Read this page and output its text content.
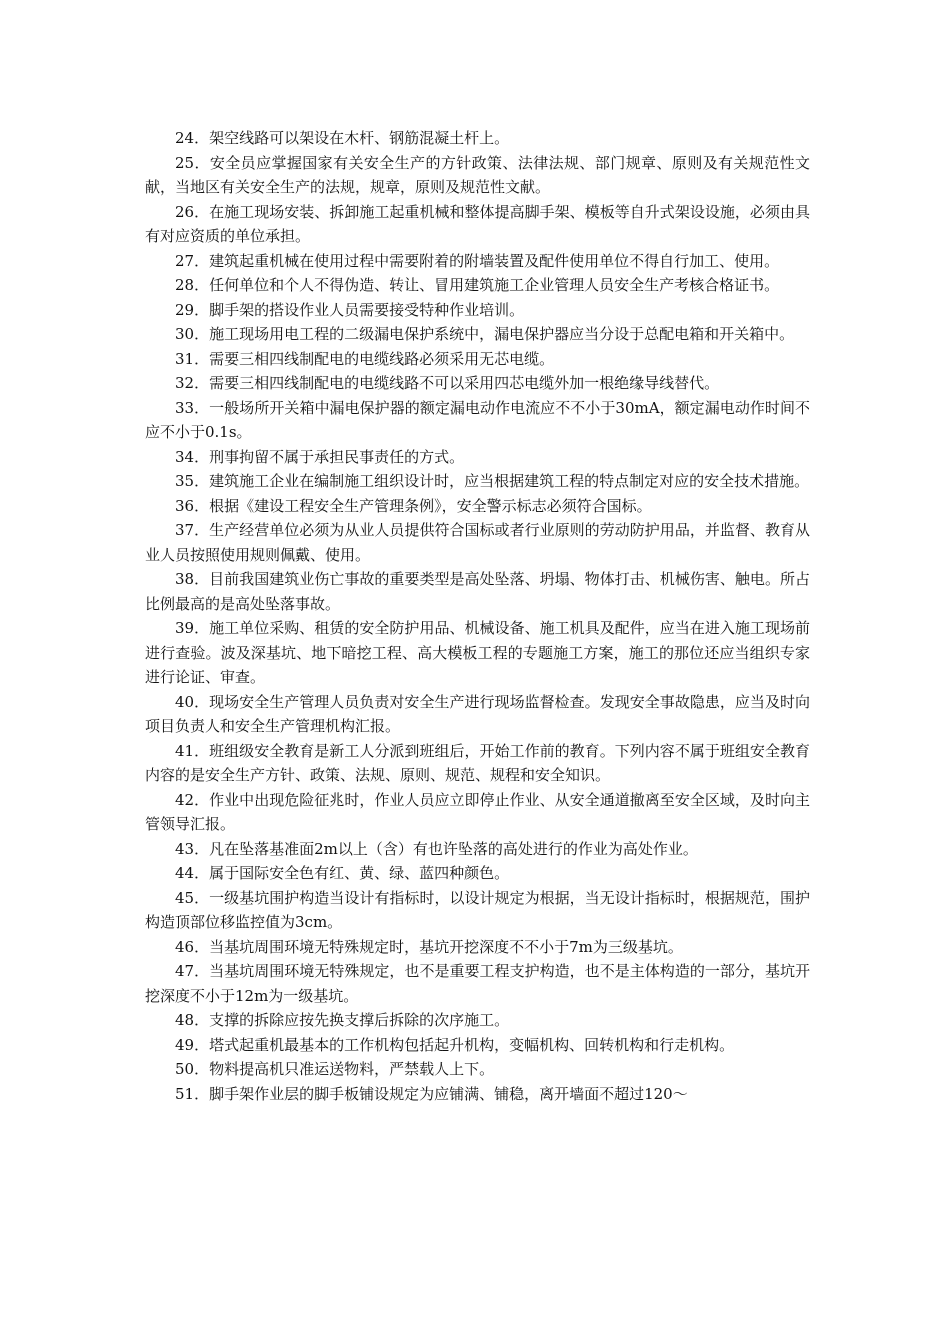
24．架空线路可以架设在木杆、钢筋混凝土杆上。

25．安全员应掌握国家有关安全生产的方针政策、法律法规、部门规章、原则及有关规范性文献，当地区有关安全生产的法规，规章，原则及规范性文献。

26．在施工现场安装、拆卸施工起重机械和整体提高脚手架、模板等自升式架设设施，必须由具有对应资质的单位承担。

27．建筑起重机械在使用过程中需要附着的附墙装置及配件使用单位不得自行加工、使用。

28．任何单位和个人不得伪造、转让、冒用建筑施工企业管理人员安全生产考核合格证书。

29．脚手架的搭设作业人员需要接受特种作业培训。

30．施工现场用电工程的二级漏电保护系统中，漏电保护器应当分设于总配电箱和开关箱中。

31．需要三相四线制配电的电缆线路必须采用无芯电缆。

32．需要三相四线制配电的电缆线路不可以采用四芯电缆外加一根绝缘导线替代。

33．一般场所开关箱中漏电保护器的额定漏电动作电流应不不小于30mA，额定漏电动作时间不应不小于0.1s。

34．刑事拘留不属于承担民事责任的方式。

35．建筑施工企业在编制施工组织设计时，应当根据建筑工程的特点制定对应的安全技术措施。

36．根据《建设工程安全生产管理条例》，安全警示标志必须符合国标。

37．生产经营单位必须为从业人员提供符合国标或者行业原则的劳动防护用品，并监督、教育从业人员按照使用规则佩戴、使用。

38．目前我国建筑业伤亡事故的重要类型是高处坠落、坍塌、物体打击、机械伤害、触电。所占比例最高的是高处坠落事故。

39．施工单位采购、租赁的安全防护用品、机械设备、施工机具及配件，应当在进入施工现场前进行查验。波及深基坑、地下暗挖工程、高大模板工程的专题施工方案，施工的那位还应当组织专家进行论证、审查。

40．现场安全生产管理人员负责对安全生产进行现场监督检查。发现安全事故隐患，应当及时向项目负责人和安全生产管理机构汇报。

41．班组级安全教育是新工人分派到班组后，开始工作前的教育。下列内容不属于班组安全教育内容的是安全生产方针、政策、法规、原则、规范、规程和安全知识。

42．作业中出现危险征兆时，作业人员应立即停止作业、从安全通道撤离至安全区域，及时向主管领导汇报。

43．凡在坠落基准面2m以上（含）有也许坠落的高处进行的作业为高处作业。

44．属于国际安全色有红、黄、绿、蓝四种颜色。

45．一级基坑围护构造当设计有指标时，以设计规定为根据，当无设计指标时，根据规范，围护构造顶部位移监控值为3cm。

46．当基坑周围环境无特殊规定时，基坑开挖深度不不小于7m为三级基坑。

47．当基坑周围环境无特殊规定，也不是重要工程支护构造，也不是主体构造的一部分，基坑开挖深度不小于12m为一级基坑。

48．支撑的拆除应按先换支撑后拆除的次序施工。

49．塔式起重机最基本的工作机构包括起升机构，变幅机构、回转机构和行走机构。

50．物料提高机只准运送物料，严禁载人上下。

51．脚手架作业层的脚手板铺设规定为应铺满、铺稳，离开墙面不超过120～
